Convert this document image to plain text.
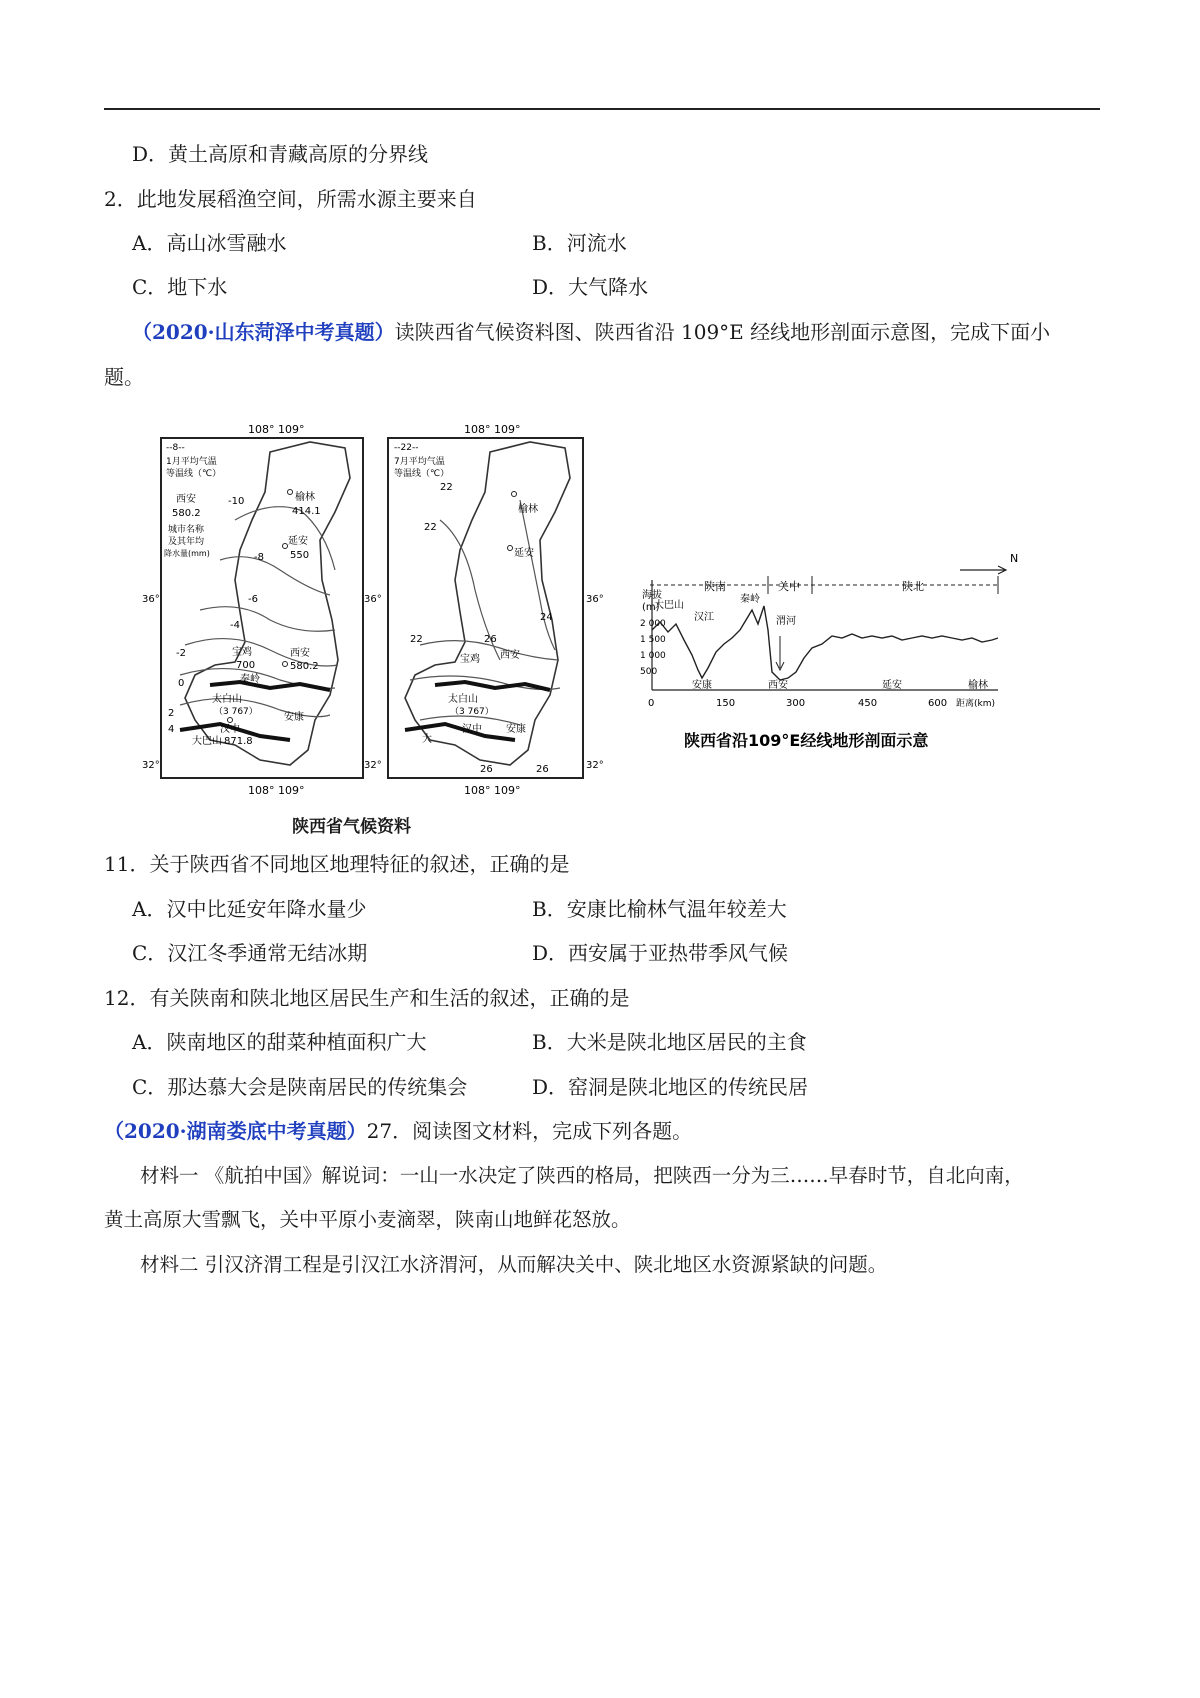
D．黄土高原和青藏高原的分界线
2．此地发展稻渔空间，所需水源主要来自
A．高山冰雪融水	B．河流水
C．地下水	D．大气降水
（2020·山东菏泽中考真题）读陕西省气候资料图、陕西省沿 109°E 经线地形剖面示意图，完成下面小
题。
108° 109°
--8--
1月平均气温
等温线（℃）
西安
580.2
城市名称
及其年均
降水量(mm)
-10
-8
-6
-4
-2
0
2
4
榆林
414.1
延安
550
宝鸡
700
西安
580.2
秦岭
太白山
（3 767）
汉中
871.8
安康
大巴山
36°	36°
32°	32°
108° 109°
108° 109°
--22--
7月平均气温
等温线（℃）
榆林
延安
宝鸡 西安
太白山
（3 767）
汉中 安康
大
22
22
22
24
26
26	26
36°
32°
108° 109°
陕西省气候资料
N
陕南	关中	陕北
海拔
(m)
2 000
1 500
1 000
500
大巴山
汉江
秦岭
渭河
安康	西安	延安	榆林
0	150	300	450	600 距离(km)
陕西省沿109°E经线地形剖面示意
11．关于陕西省不同地区地理特征的叙述，正确的是
A．汉中比延安年降水量少	B．安康比榆林气温年较差大
C．汉江冬季通常无结冰期	D．西安属于亚热带季风气候
12．有关陕南和陕北地区居民生产和生活的叙述，正确的是
A．陕南地区的甜菜种植面积广大	B．大米是陕北地区居民的主食
C．那达慕大会是陕南居民的传统集会	D．窑洞是陕北地区的传统民居
（2020·湖南娄底中考真题）27．阅读图文材料，完成下列各题。
材料一 《航拍中国》解说词：一山一水决定了陕西的格局，把陕西一分为三……早春时节，自北向南，
黄土高原大雪飘飞，关中平原小麦滴翠，陕南山地鲜花怒放。
材料二 引汉济渭工程是引汉江水济渭河，从而解决关中、陕北地区水资源紧缺的问题。
